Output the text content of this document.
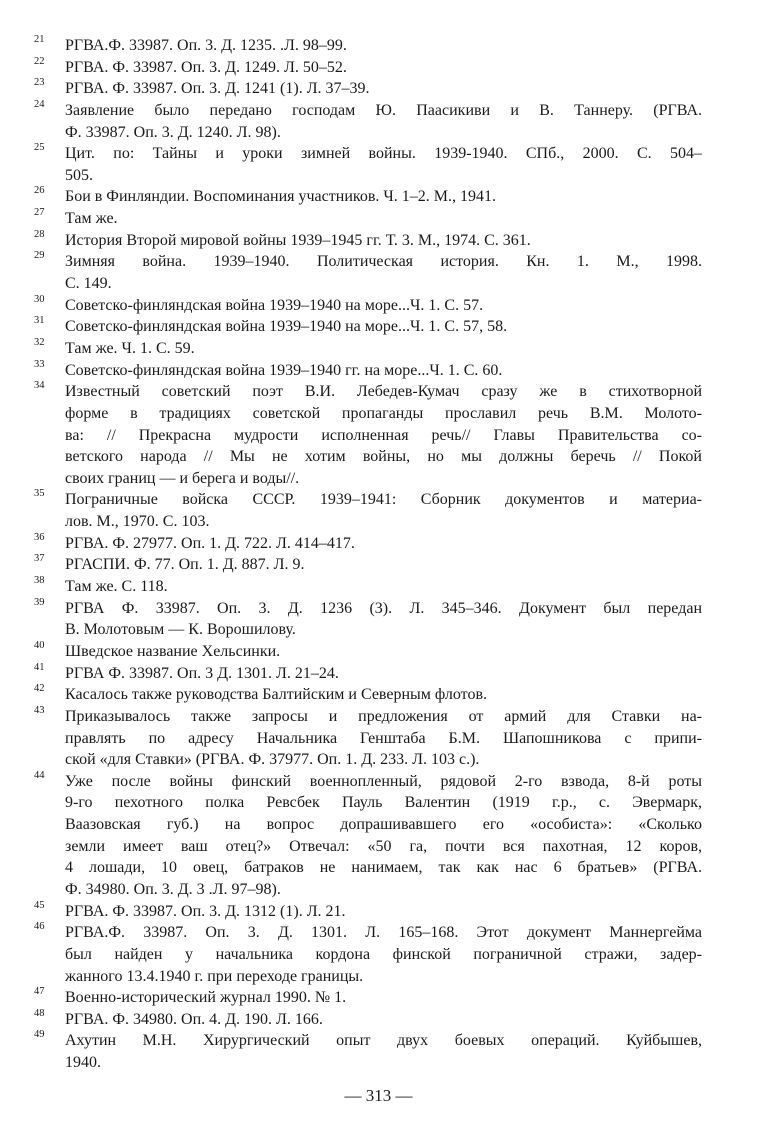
21 РГВА.Ф. 33987. Оп. 3. Д. 1235. .Л. 98–99.
22 РГВА. Ф. 33987. Оп. 3. Д. 1249. Л. 50–52.
23 РГВА. Ф. 33987. Оп. 3. Д. 1241 (1). Л. 37–39.
24 Заявление было передано господам Ю. Паасикиви и В. Таннеру. (РГВА.
Ф. 33987. Оп. 3. Д. 1240. Л. 98).
25 Цит. по: Тайны и уроки зимней войны. 1939-1940. СПб., 2000. С. 504–
505.
26 Бои в Финляндии. Воспоминания участников. Ч. 1–2. М., 1941.
27 Там же.
28 История Второй мировой войны 1939–1945 гг. Т. 3. М., 1974. С. 361.
29 Зимняя война. 1939–1940. Политическая история. Кн. 1. М., 1998.
С. 149.
30 Советско-финляндская война 1939–1940 на море...Ч. 1. С. 57.
31 Советско-финляндская война 1939–1940 на море...Ч. 1. С. 57, 58.
32 Там же. Ч. 1. С. 59.
33 Советско-финляндская война 1939–1940 гг. на море...Ч. 1. С. 60.
34 Известный советский поэт В.И. Лебедев-Кумач сразу же в стихотворной
форме в традициях советской пропаганды прославил речь В.М. Молото-
ва: // Прекрасна мудрости исполненная речь// Главы Правительства со-
ветского народа // Мы не хотим войны, но мы должны беречь // Покой
своих границ — и берега и воды//.
35 Пограничные войска СССР. 1939–1941: Сборник документов и материа-
лов. М., 1970. С. 103.
36 РГВА. Ф. 27977. Оп. 1. Д. 722. Л. 414–417.
37 РГАСПИ. Ф. 77. Оп. 1. Д. 887. Л. 9.
38 Там же. С. 118.
39 РГВА Ф. 33987. Оп. 3. Д. 1236 (3). Л. 345–346. Документ был передан
В. Молотовым — К. Ворошилову.
40 Шведское название Хельсинки.
41 РГВА Ф. 33987. Оп. 3 Д. 1301. Л. 21–24.
42 Касалось также руководства Балтийским и Северным флотов.
43 Приказывалось также запросы и предложения от армий для Ставки на-
правлять по адресу Начальника Генштаба Б.М. Шапошникова с припи-
ской «для Ставки» (РГВА. Ф. 37977. Оп. 1. Д. 233. Л. 103 с.).
44 Уже после войны финский военнопленный, рядовой 2-го взвода, 8-й роты
9-го пехотного полка Ревсбек Пауль Валентин (1919 г.р., с. Эвермарк,
Ваазовская губ.) на вопрос допрашивавшего его «особиста»: «Сколько
земли имеет ваш отец?» Отвечал: «50 га, почти вся пахотная, 12 коров,
4 лошади, 10 овец, батраков не нанимаем, так как нас 6 братьев» (РГВА.
Ф. 34980. Оп. 3. Д. 3 .Л. 97–98).
45 РГВА. Ф. 33987. Оп. 3. Д. 1312 (1). Л. 21.
46 РГВА.Ф. 33987. Оп. 3. Д. 1301. Л. 165–168. Этот документ Маннергейма
был найден у начальника кордона финской пограничной стражи, задер-
жанного 13.4.1940 г. при переходе границы.
47 Военно-исторический журнал 1990. № 1.
48 РГВА. Ф. 34980. Оп. 4. Д. 190. Л. 166.
49 Ахутин М.Н. Хирургический опыт двух боевых операций. Куйбышев,
1940.
— 313 —
